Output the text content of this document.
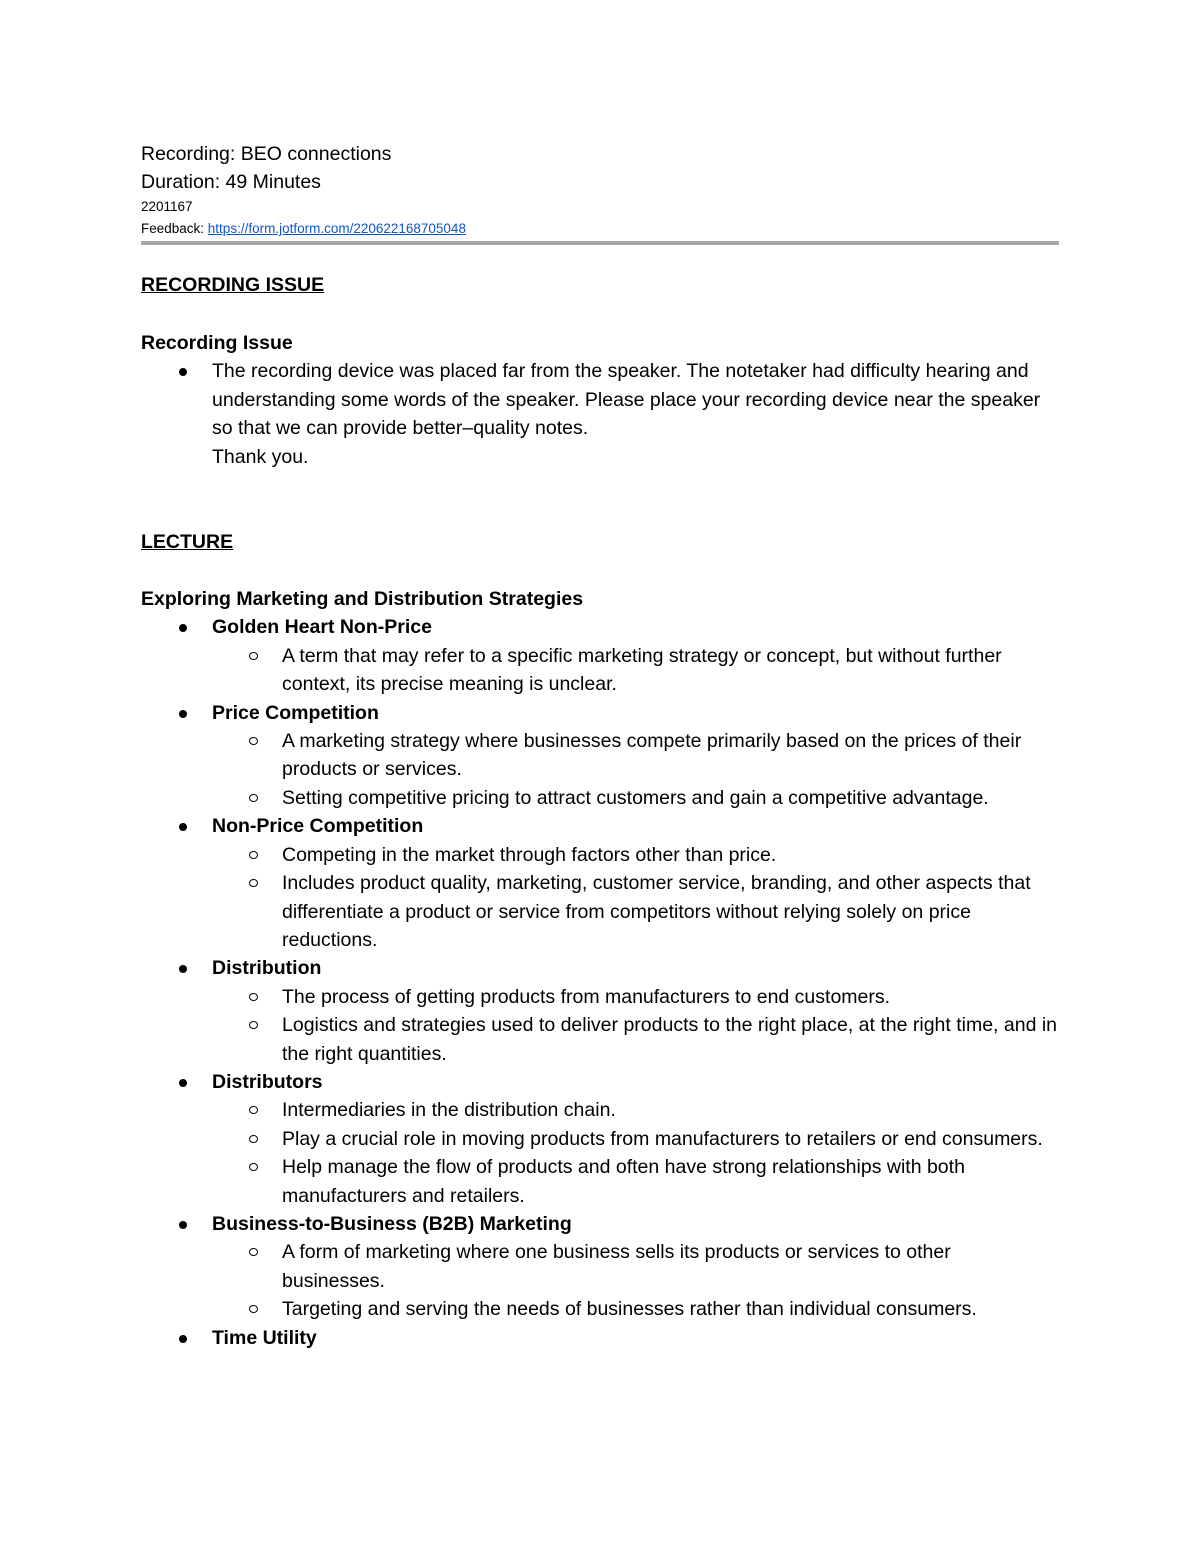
Recording: BEO connections

Duration: 49 Minutes

2201167

Feedback: https://form.jotform.com/220622168705048

RECORDING ISSUE

Recording Issue

The recording device was placed far from the speaker. The notetaker had difficulty hearing and understanding some words of the speaker. Please place your recording device near the speaker so that we can provide better–quality notes.
Thank you.

LECTURE

Exploring Marketing and Distribution Strategies

Golden Heart Non-Price
A term that may refer to a specific marketing strategy or concept, but without further context, its precise meaning is unclear.
Price Competition
A marketing strategy where businesses compete primarily based on the prices of their products or services.
Setting competitive pricing to attract customers and gain a competitive advantage.
Non-Price Competition
Competing in the market through factors other than price.
Includes product quality, marketing, customer service, branding, and other aspects that differentiate a product or service from competitors without relying solely on price reductions.
Distribution
The process of getting products from manufacturers to end customers.
Logistics and strategies used to deliver products to the right place, at the right time, and in the right quantities.
Distributors
Intermediaries in the distribution chain.
Play a crucial role in moving products from manufacturers to retailers or end consumers.
Help manage the flow of products and often have strong relationships with both manufacturers and retailers.
Business-to-Business (B2B) Marketing
A form of marketing where one business sells its products or services to other businesses.
Targeting and serving the needs of businesses rather than individual consumers.
Time Utility
